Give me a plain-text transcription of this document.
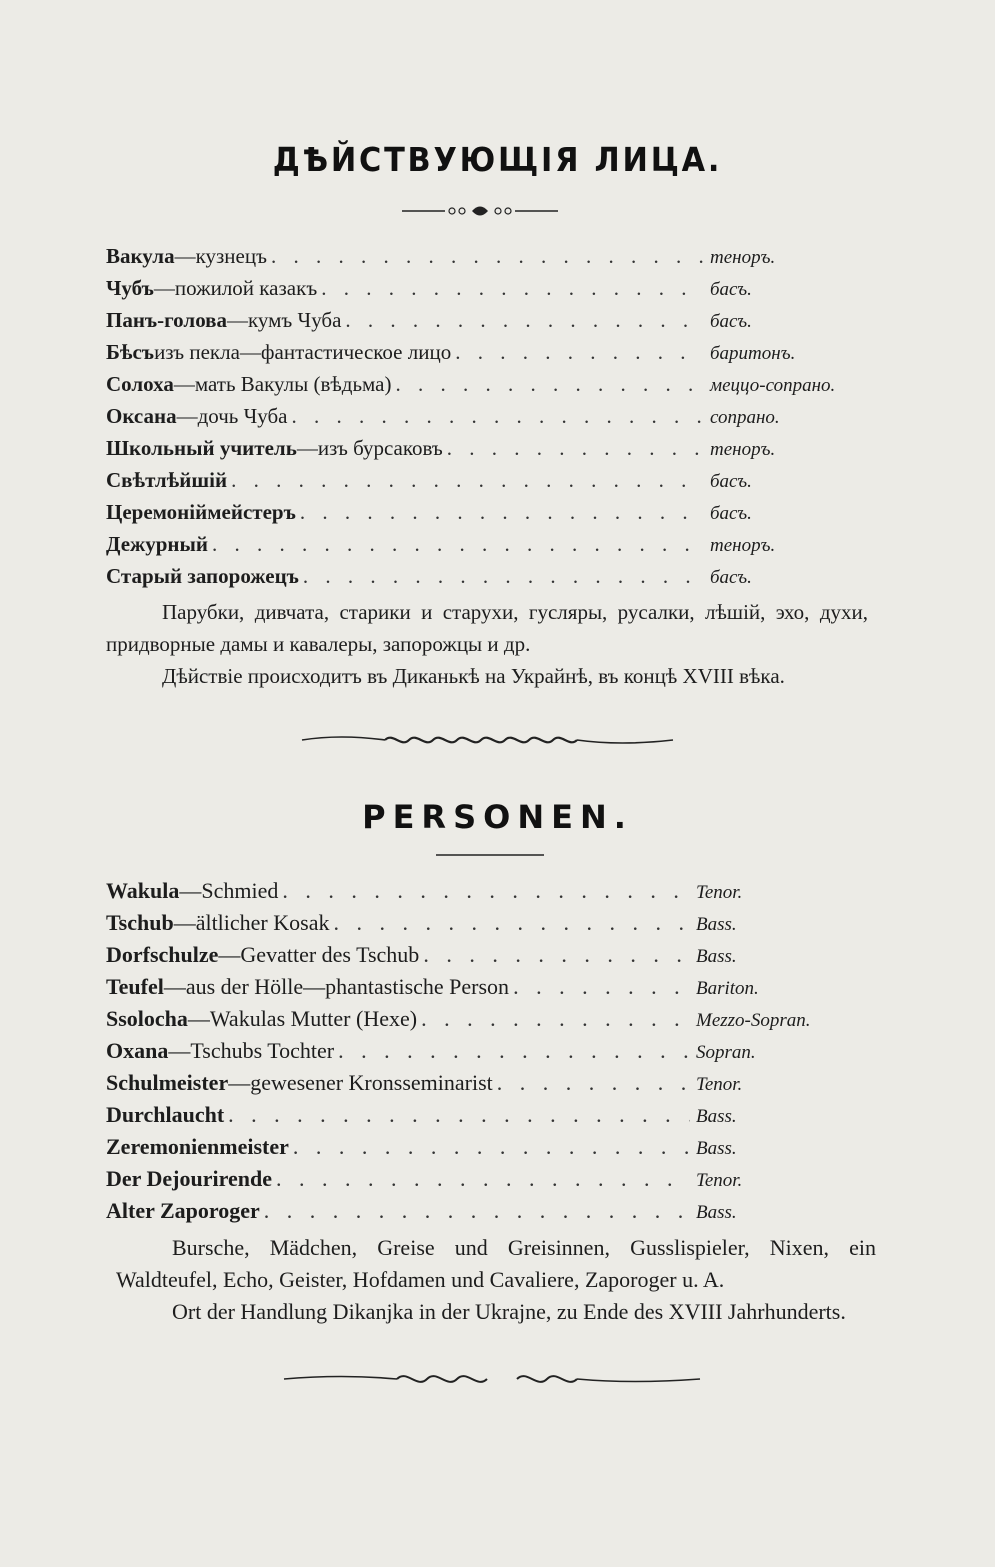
ДѢЙСТВУЮЩІЯ ЛИЦА.
Вакула —кузнецъ . . .	теноръ.
Чубъ —пожилой казакъ . . .	басъ.
Панъ-голова —кумъ Чуба . . .	басъ.
Бѣсъ изъ пекла—фантастическое лицо . . .	баритонъ.
Солоха —мать Вакулы (вѣдьма) . . .	меццо-сопрано.
Оксана —дочь Чуба . . .	сопрано.
Школьный учитель —изъ бурсаковъ . . .	теноръ.
Свѣтлѣйшій . . .	басъ.
Церемоніймейстеръ . . .	басъ.
Дежурный . . .	теноръ.
Старый запорожецъ . . .	басъ.

Парубки, дивчата, старики и старухи, гусляры, русалки, лѣшій, эхо, духи, придворные дамы и кавалеры, запорожцы и др.

Дѣйствіе происходитъ въ Диканькѣ на Украйнѣ, въ концѣ XVIII вѣка.

PERSONEN.
Wakula —Schmied . . .	Tenor.
Tschub —ältlicher Kosak . . .	Bass.
Dorfschulze —Gevatter des Tschub . . .	Bass.
Teufel —aus der Hölle—phantastische Person . . .	Bariton.
Ssolocha —Wakulas Mutter (Hexe) . . .	Mezzo-Sopran.
Oxana —Tschubs Tochter . . .	Sopran.
Schulmeister —gewesener Kronsseminarist . . .	Tenor.
Durchlaucht . . .	Bass.
Zeremonienmeister . . .	Bass.
Der Dejourirende . . .	Tenor.
Alter Zaporoger . . .	Bass.

Bursche, Mädchen, Greise und Greisinnen, Gusslispieler, Nixen, ein Waldteufel, Echo, Geister, Hofdamen und Cavaliere, Zaporoger u. A.

Ort der Handlung Dikanjka in der Ukrajne, zu Ende des XVIII Jahrhunderts.
